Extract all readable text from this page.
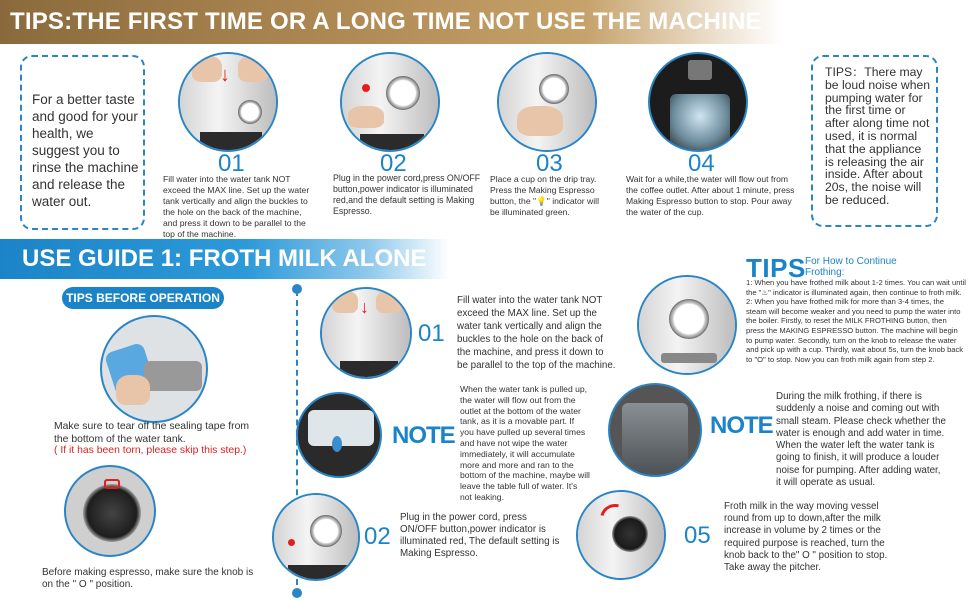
TIPS:THE FIRST TIME OR A LONG TIME NOT USE THE MACHINE
For a better taste and good for your health, we suggest you to rinse the machine and release the water out.
↓
01
Fill water into the water tank NOT exceed the MAX line. Set up the water tank vertically and align the buckles to the hole on the back of the machine, and press it down to be parallel to the top of the machine.
02
Plug in the power cord,press ON/OFF button,power indicator is illuminated red,and the default setting is Making Espresso.
03
Place a cup on the drip tray. Press the Making Espresso button, the "💡" indicator will be illuminated green.
04
Wait for a while,the water will flow out from the coffee outlet. After about 1 minute, press Making Espresso button to stop. Pour away the water of the cup.
TIPS：There may be loud noise when pumping water for the first time or after along time not used, it is normal that the appliance is releasing the air inside. After about 20s, the noise will be reduced.
USE GUIDE 1: FROTH MILK ALONE
TIPS BEFORE OPERATION
Make sure to tear off the sealing tape from the bottom of the water tank.
( If it has been torn, please skip this step.)
Before making espresso, make sure the knob is on the " O " position.
↓
01
Fill water into the water tank NOT exceed the MAX line. Set up the water tank vertically and align the buckles to the hole on the back of the machine, and press it down to be parallel to the top of the machine.
NOTE
When the water tank is pulled up, the water will flow out from the outlet at the bottom of the water tank, as it is a movable part. If you have pulled up several times and have not wipe the water immediately, it will accumulate more and more and ran to the bottom of the machine, maybe will leave the table full of water. It's not leaking.
02
Plug in the power cord, press ON/OFF button,power indicator is illuminated red, The default setting is Making Espresso.
NOTE
During the milk frothing, if there is suddenly a noise and coming out with small steam. Please check whether the water is enough and add water in time. When the water left the water tank is going to finish, it will produce a louder noise for pumping. After adding water, it will operate as usual.
05
Froth milk in the way moving vessel round from up to down,after the milk increase in volume by 2 times or the required purpose is reached, turn the knob back to the" O " position to stop. Take away the pitcher.
TIPS For How to Continue Frothing:
1: When you have frothed milk about 1-2 times. You can wait until the "♨" indicator is illuminated again, then continue to froth milk. 2: When you have frothed milk for more than 3-4 times, the steam will become weaker and you need to pump the water into the boiler. Firstly, to reset the MILK FROTHING button, then press the MAKING ESPRESSO button. The machine will begin to pump water. Secondly, turn on the knob to release the water and pick up with a cup. Thirdly, wait about 5s, turn the knob back to "O" to stop. Now you can froth milk again from step 2.
